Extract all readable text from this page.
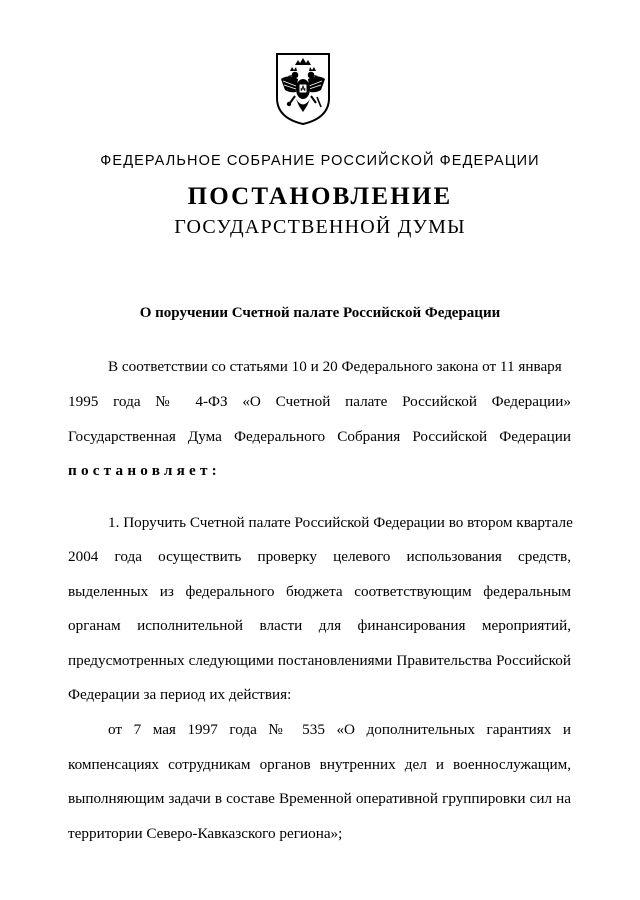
ФЕДЕРАЛЬНОЕ СОБРАНИЕ РОССИЙСКОЙ ФЕДЕРАЦИИ
ПОСТАНОВЛЕНИЕ
ГОСУДАРСТВЕННОЙ ДУМЫ
О поручении Счетной палате Российской Федерации
В соответствии со статьями 10 и 20 Федерального закона от 11 января
1995 года № 4-ФЗ «О Счетной палате Российской Федерации»
Государственная Дума Федерального Собрания Российской Федерации
постановляет:
1. Поручить Счетной палате Российской Федерации во втором квартале
2004 года осуществить проверку целевого использования средств,
выделенных из федерального бюджета соответствующим федеральным
органам исполнительной власти для финансирования мероприятий,
предусмотренных следующими постановлениями Правительства Российской
Федерации за период их действия:
от 7 мая 1997 года № 535 «О дополнительных гарантиях и
компенсациях сотрудникам органов внутренних дел и военнослужащим,
выполняющим задачи в составе Временной оперативной группировки сил на
территории Северо-Кавказского региона»;
